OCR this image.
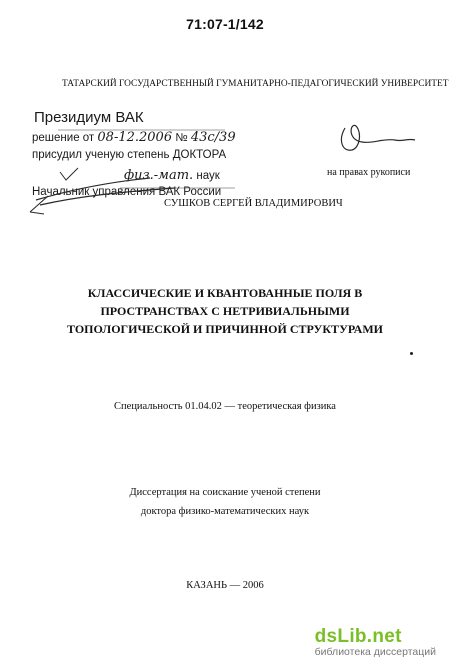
71:07-1/142
ТАТАРСКИЙ ГОСУДАРСТВЕННЫЙ ГУМАНИТАРНО-ПЕДАГОГИЧЕСКИЙ УНИВЕРСИТЕТ
Президиум ВАК
решение от 08-12.2006 № 43с/39
присудил ученую степень ДОКТОРА
физ.-мат. наук
Начальник управления ВАК России
на правах рукописи
СУШКОВ СЕРГЕЙ ВЛАДИМИРОВИЧ
КЛАССИЧЕСКИЕ И КВАНТОВАННЫЕ ПОЛЯ В
ПРОСТРАНСТВАХ С НЕТРИВИАЛЬНЫМИ
ТОПОЛОГИЧЕСКОЙ И ПРИЧИННОЙ СТРУКТУРАМИ
Специальность 01.04.02 — теоретическая физика
Диссертация на соискание ученой степени
доктора физико-математических наук
КАЗАНЬ — 2006
dsLib.net
библиотека диссертаций
